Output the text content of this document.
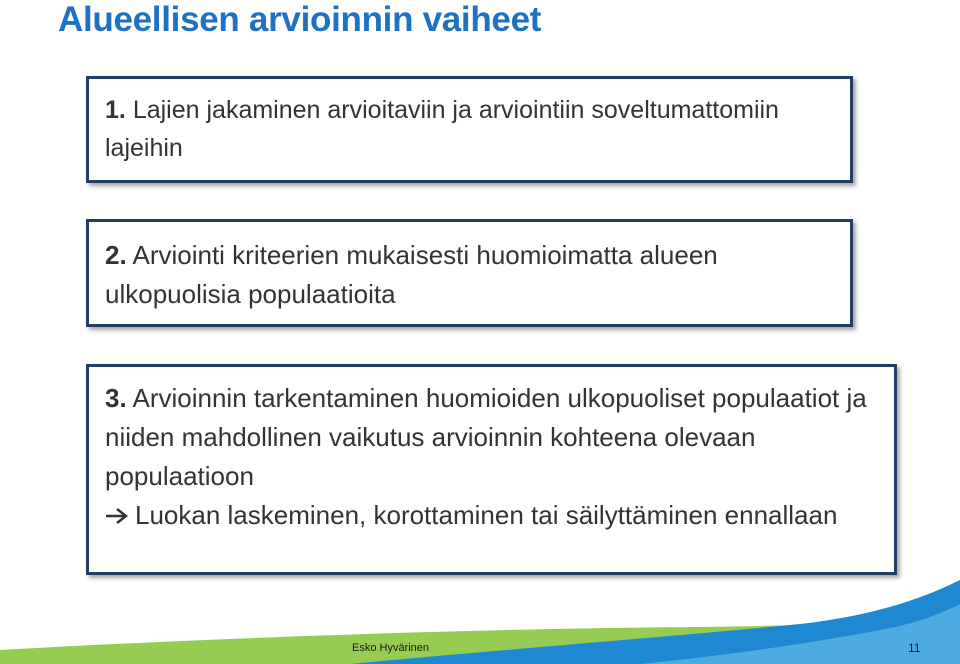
Alueellisen arvioinnin vaiheet
1. Lajien jakaminen arvioitaviin ja arviointiin soveltumattomiin lajeihin
2. Arviointi kriteerien mukaisesti huomioimatta alueen ulkopuolisia populaatioita
3. Arvioinnin tarkentaminen huomioiden ulkopuoliset populaatiot ja niiden mahdollinen vaikutus arvioinnin kohteena olevaan populaatioon
Luokan laskeminen, korottaminen tai säilyttäminen ennallaan
Esko Hyvärinen	11
